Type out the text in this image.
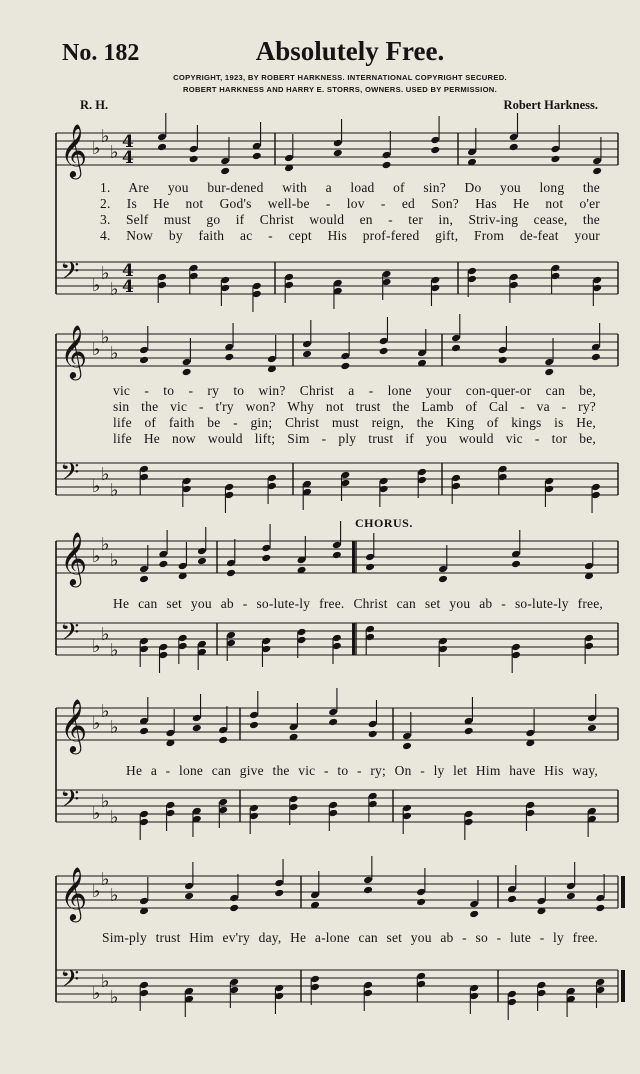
No. 182	Absolutely Free.
COPYRIGHT, 1923, BY ROBERT HARKNESS. INTERNATIONAL COPYRIGHT SECURED.
ROBERT HARKNESS AND HARRY E. STORRS, OWNERS. USED BY PERMISSION.
R. H.	Robert Harkness.
1. Are you bur-dened with a load of sin? Do you long the
2. Is He not God's well-be - lov - ed Son? Has He not o'er
3. Self must go if Christ would en - ter in, Striv-ing cease, the
4. Now by faith ac - cept His prof-fered gift, From de-feat your
vic - to - ry to win? Christ a - lone your con-quer-or can be,
sin the vic - t'ry won? Why not trust the Lamb of Cal - va - ry?
life of faith be - gin; Christ must reign, the King of kings is He,
life He now would lift; Sim - ply trust if you would vic - tor be,
CHORUS.
He can set you ab - so-lute-ly free. Christ can set you ab - so-lute-ly free,
He a - lone can give the vic - to - ry; On - ly let Him have His way,
Sim-ply trust Him ev'ry day, He a-lone can set you ab - so - lute - ly free.
𝄞 ♭
♭
♭
𝄢 ♭
♭
♭
4
4
4
4
𝄞 ♭
♭
♭
𝄢 ♭
♭
♭
𝄞 ♭
♭
♭
𝄢 ♭
♭
♭
𝄞 ♭
♭
♭
𝄢 ♭
♭
♭
𝄞 ♭
♭
♭
𝄢 ♭
♭
♭
